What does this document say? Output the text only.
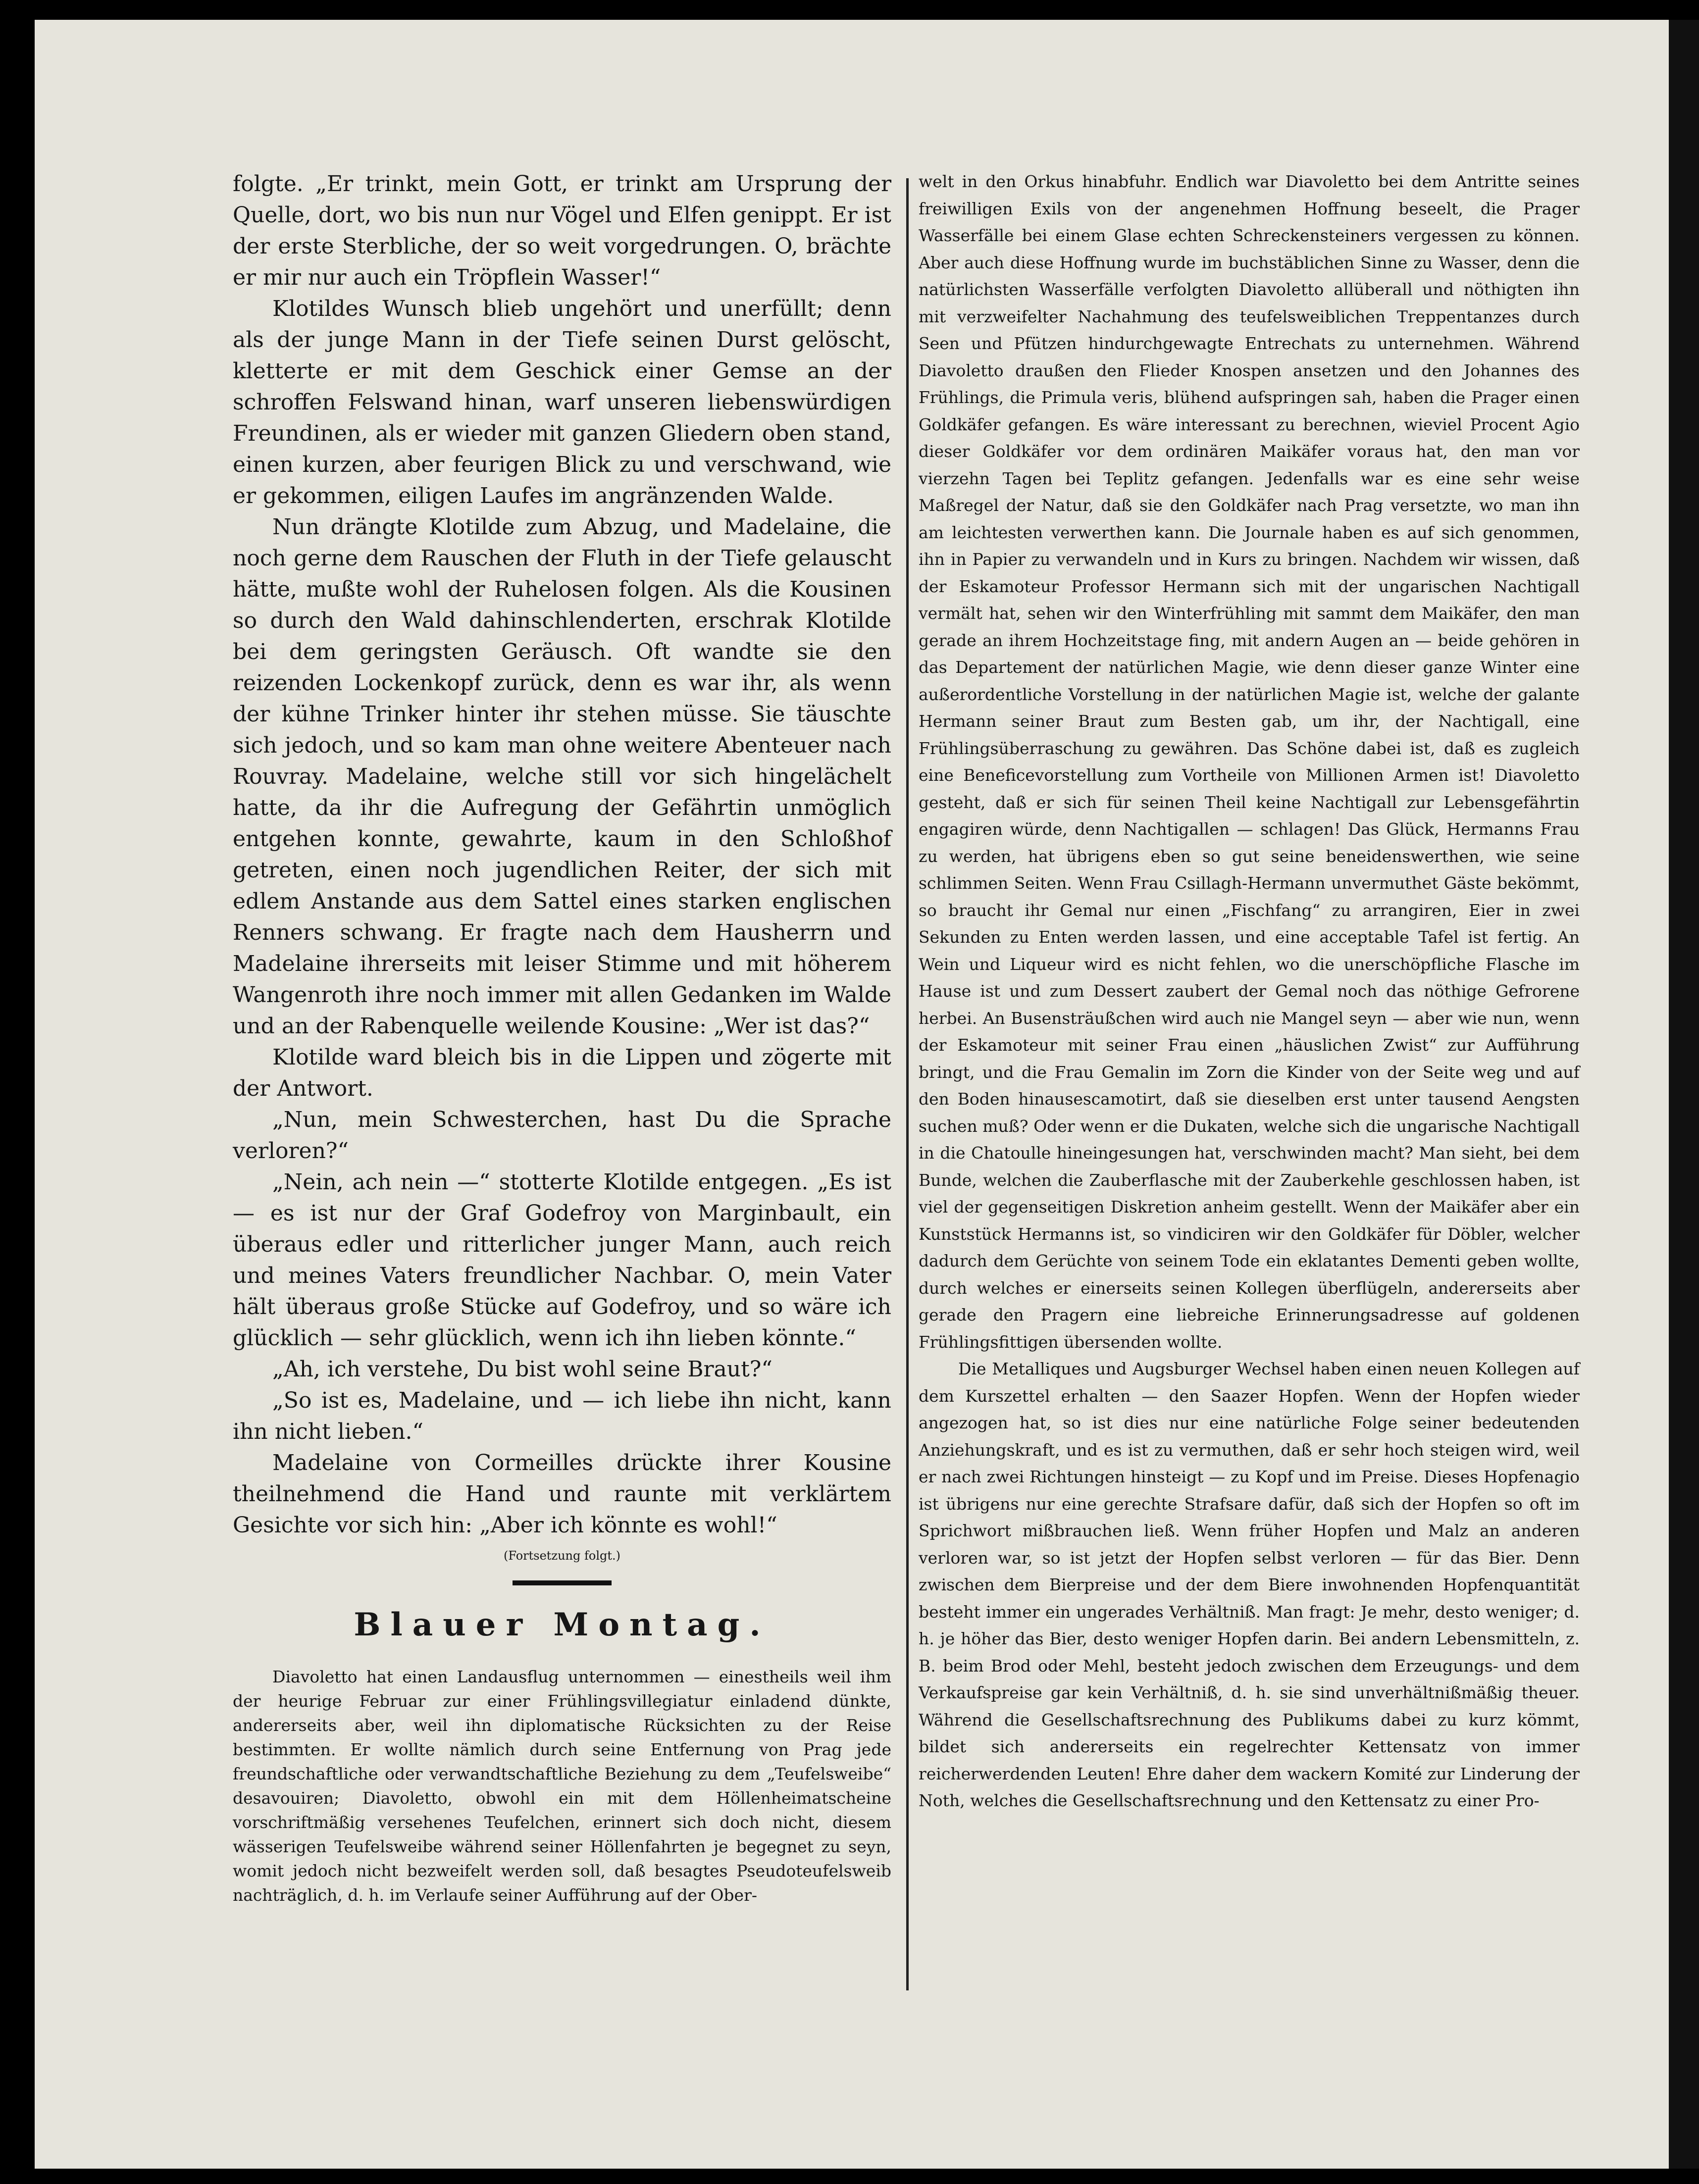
folgte. „Er trinkt, mein Gott, er trinkt am Ursprung der Quelle, dort, wo bis nun nur Vögel und Elfen genippt. Er ist der erste Sterbliche, der so weit vorgedrungen. O, brächte er mir nur auch ein Tröpflein Wasser!“

Klotildes Wunsch blieb ungehört und unerfüllt; denn als der junge Mann in der Tiefe seinen Durst gelöscht, kletterte er mit dem Geschick einer Gemse an der schroffen Felswand hinan, warf unseren liebenswürdigen Freundinen, als er wieder mit ganzen Gliedern oben stand, einen kurzen, aber feurigen Blick zu und verschwand, wie er gekommen, eiligen Laufes im angränzenden Walde.

Nun drängte Klotilde zum Abzug, und Madelaine, die noch gerne dem Rauschen der Fluth in der Tiefe gelauscht hätte, mußte wohl der Ruhelosen folgen. Als die Kousinen so durch den Wald dahinschlenderten, erschrak Klotilde bei dem geringsten Geräusch. Oft wandte sie den reizenden Lockenkopf zurück, denn es war ihr, als wenn der kühne Trinker hinter ihr stehen müsse. Sie täuschte sich jedoch, und so kam man ohne weitere Abenteuer nach Rouvray. Madelaine, welche still vor sich hingelächelt hatte, da ihr die Aufregung der Gefährtin unmöglich entgehen konnte, gewahrte, kaum in den Schloßhof getreten, einen noch jugendlichen Reiter, der sich mit edlem Anstande aus dem Sattel eines starken englischen Renners schwang. Er fragte nach dem Hausherrn und Madelaine ihrerseits mit leiser Stimme und mit höherem Wangenroth ihre noch immer mit allen Gedanken im Walde und an der Rabenquelle weilende Kousine: „Wer ist das?“

Klotilde ward bleich bis in die Lippen und zögerte mit der Antwort.

„Nun, mein Schwesterchen, hast Du die Sprache verloren?“

„Nein, ach nein —“ stotterte Klotilde entgegen. „Es ist — es ist nur der Graf Godefroy von Marginbault, ein überaus edler und ritterlicher junger Mann, auch reich und meines Vaters freundlicher Nachbar. O, mein Vater hält überaus große Stücke auf Godefroy, und so wäre ich glücklich — sehr glücklich, wenn ich ihn lieben könnte.“

„Ah, ich verstehe, Du bist wohl seine Braut?“

„So ist es, Madelaine, und — ich liebe ihn nicht, kann ihn nicht lieben.“

Madelaine von Cormeilles drückte ihrer Kousine theilnehmend die Hand und raunte mit verklärtem Gesichte vor sich hin: „Aber ich könnte es wohl!“

(Fortsetzung folgt.)

Blauer Montag.

Diavoletto hat einen Landausflug unternommen — einestheils weil ihm der heurige Februar zur einer Frühlingsvillegiatur einladend dünkte, andererseits aber, weil ihn diplomatische Rücksichten zu der Reise bestimmten. Er wollte nämlich durch seine Entfernung von Prag jede freundschaftliche oder verwandtschaftliche Beziehung zu dem „Teufelsweibe“ desavouiren; Diavoletto, obwohl ein mit dem Höllenheimatscheine vorschriftmäßig versehenes Teufelchen, erinnert sich doch nicht, diesem wässerigen Teufelsweibe während seiner Höllenfahrten je begegnet zu seyn, womit jedoch nicht bezweifelt werden soll, daß besagtes Pseudoteufelsweib nachträglich, d. h. im Verlaufe seiner Aufführung auf der Ober-

welt in den Orkus hinabfuhr. Endlich war Diavoletto bei dem Antritte seines freiwilligen Exils von der angenehmen Hoffnung beseelt, die Prager Wasserfälle bei einem Glase echten Schreckensteiners vergessen zu können. Aber auch diese Hoffnung wurde im buchstäblichen Sinne zu Wasser, denn die natürlichsten Wasserfälle verfolgten Diavoletto allüberall und nöthigten ihn mit verzweifelter Nachahmung des teufelsweiblichen Treppentanzes durch Seen und Pfützen hindurchgewagte Entrechats zu unternehmen. Während Diavoletto draußen den Flieder Knospen ansetzen und den Johannes des Frühlings, die Primula veris, blühend aufspringen sah, haben die Prager einen Goldkäfer gefangen. Es wäre interessant zu berechnen, wieviel Procent Agio dieser Goldkäfer vor dem ordinären Maikäfer voraus hat, den man vor vierzehn Tagen bei Teplitz gefangen. Jedenfalls war es eine sehr weise Maßregel der Natur, daß sie den Goldkäfer nach Prag versetzte, wo man ihn am leichtesten verwerthen kann. Die Journale haben es auf sich genommen, ihn in Papier zu verwandeln und in Kurs zu bringen. Nachdem wir wissen, daß der Eskamoteur Professor Hermann sich mit der ungarischen Nachtigall vermält hat, sehen wir den Winterfrühling mit sammt dem Maikäfer, den man gerade an ihrem Hochzeitstage fing, mit andern Augen an — beide gehören in das Departement der natürlichen Magie, wie denn dieser ganze Winter eine außerordentliche Vorstellung in der natürlichen Magie ist, welche der galante Hermann seiner Braut zum Besten gab, um ihr, der Nachtigall, eine Frühlingsüberraschung zu gewähren. Das Schöne dabei ist, daß es zugleich eine Benefiсevorstellung zum Vortheile von Millionen Armen ist! Diavoletto gesteht, daß er sich für seinen Theil keine Nachtigall zur Lebensgefährtin engagiren würde, denn Nachtigallen — schlagen! Das Glück, Hermanns Frau zu werden, hat übrigens eben so gut seine beneidenswerthen, wie seine schlimmen Seiten. Wenn Frau Csillagh-Hermann unvermuthet Gäste bekömmt, so braucht ihr Gemal nur einen „Fischfang“ zu arrangiren, Eier in zwei Sekunden zu Enten werden lassen, und eine acceptable Tafel ist fertig. An Wein und Liqueur wird es nicht fehlen, wo die unerschöpfliche Flasche im Hause ist und zum Dessert zaubert der Gemal noch das nöthige Gefrorene herbei. An Busensträußchen wird auch nie Mangel seyn — aber wie nun, wenn der Eskamoteur mit seiner Frau einen „häuslichen Zwist“ zur Aufführung bringt, und die Frau Gemalin im Zorn die Kinder von der Seite weg und auf den Boden hinausescamotirt, daß sie dieselben erst unter tausend Aengsten suchen muß? Oder wenn er die Dukaten, welche sich die ungarische Nachtigall in die Chatoulle hineingesungen hat, verschwinden macht? Man sieht, bei dem Bunde, welchen die Zauberflasche mit der Zauberkehle geschlossen haben, ist viel der gegenseitigen Diskretion anheim gestellt. Wenn der Maikäfer aber ein Kunststück Hermanns ist, so vindiciren wir den Goldkäfer für Döbler, welcher dadurch dem Gerüchte von seinem Tode ein eklatantes Dementi geben wollte, durch welches er einerseits seinen Kollegen überflügeln, andererseits aber gerade den Pragern eine liebreiche Erinnerungsadresse auf goldenen Frühlingsfittigen übersenden wollte.

Die Metalliques und Augsburger Wechsel haben einen neuen Kollegen auf dem Kurszettel erhalten — den Saazer Hopfen. Wenn der Hopfen wieder angezogen hat, so ist dies nur eine natürliche Folge seiner bedeutenden Anziehungskraft, und es ist zu vermuthen, daß er sehr hoch steigen wird, weil er nach zwei Richtungen hinsteigt — zu Kopf und im Preise. Dieses Hopfenagio ist übrigens nur eine gerechte Strafsare dafür, daß sich der Hopfen so oft im Sprichwort mißbrauchen ließ. Wenn früher Hopfen und Malz an anderen verloren war, so ist jetzt der Hopfen selbst verloren — für das Bier. Denn zwischen dem Bierpreise und der dem Biere inwohnenden Hopfenquantität besteht immer ein ungerades Verhältniß. Man fragt: Je mehr, desto weniger; d. h. je höher das Bier, desto weniger Hopfen darin. Bei andern Lebensmitteln, z. B. beim Brod oder Mehl, besteht jedoch zwischen dem Erzeugungs- und dem Verkaufspreise gar kein Verhältniß, d. h. sie sind unverhältnißmäßig theuer. Während die Gesellschaftsrechnung des Publikums dabei zu kurz kömmt, bildet sich andererseits ein regelrechter Kettensatz von immer reicherwerdenden Leuten! Ehre daher dem wackern Komité zur Linderung der Noth, welches die Gesellschaftsrechnung und den Kettensatz zu einer Pro-
